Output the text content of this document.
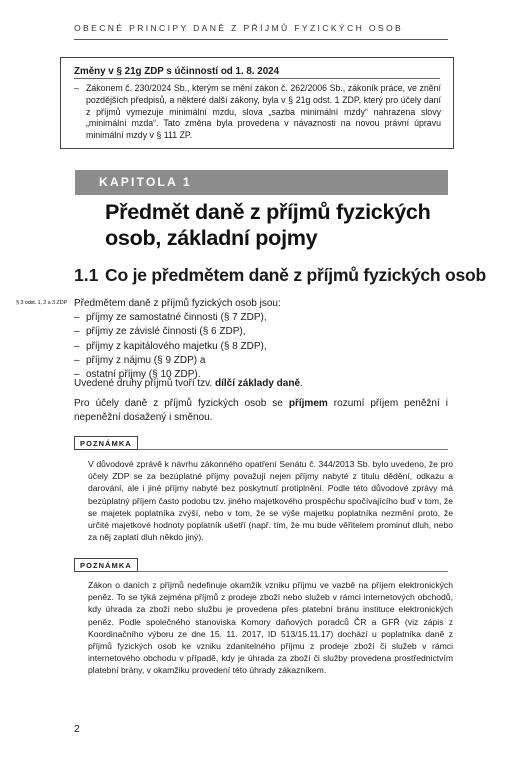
OBECNÉ PRINCIPY DANĚ Z PŘÍJMŮ FYZICKÝCH OSOB
Změny v § 21g ZDP s účinností od 1. 8. 2024
– Zákonem č. 230/2024 Sb., kterým se mění zákon č. 262/2006 Sb., zákoník práce, ve znění pozdějších předpisů, a některé další zákony, byla v § 21g odst. 1 ZDP, který pro účely daní z příjmů vymezuje minimální mzdu, slova „sazba minimální mzdy“ nahrazena slovy „minimální mzda“. Tato změna byla provedena v návaznosti na novou právní úpravu minimální mzdy v § 111 ZP.
KAPITOLA 1
Předmět daně z příjmů fyzických osob, základní pojmy
1.1 Co je předmětem daně z příjmů fyzických osob
§ 3 odst. 1, 2 a 3 ZDP Předmětem daně z příjmů fyzických osob jsou:
– příjmy ze samostatné činnosti (§ 7 ZDP),
– příjmy ze závislé činnosti (§ 6 ZDP),
– příjmy z kapitálového majetku (§ 8 ZDP),
– příjmy z nájmu (§ 9 ZDP) a
– ostatní příjmy (§ 10 ZDP).
Uvedené druhy příjmů tvoří tzv. dílčí základy daně.
Pro účely daně z příjmů fyzických osob se příjmem rozumí příjem peněžní i nepeněžní dosažený i směnou.
POZNÁMKA
V důvodové zprávě k návrhu zákonného opatření Senátu č. 344/2013 Sb. bylo uvedeno, že pro účely ZDP se za bezúplatné příjmy považují nejen příjmy nabyté z titulu dědění, odkazu a darování, ale i jiné příjmy nabyté bez poskytnutí protiplnění. Podle této důvodové zprávy má bezúplatný příjem často podobu tzv. jiného majetkového prospěchu spočívajícího buď v tom, že se majetek poplatníka zvýší, nebo v tom, že se výše majetku poplatníka nezmění proto, že určité majetkové hodnoty poplatník ušetří (např. tím, že mu bude věřitelem prominut dluh, nebo za něj zaplatí dluh někdo jiný).
POZNÁMKA
Zákon o daních z příjmů nedefinuje okamžik vzniku příjmu ve vazbě na příjem elektronických peněz. To se týká zejména příjmů z prodeje zboží nebo služeb v rámci internetových obchodů, kdy úhrada za zboží nebo službu je provedena přes platební bránu instituce elektronických peněz. Podle společného stanoviska Komory daňových poradců ČR a GFŘ (viz zápis z Koordinačního výboru ze dne 15. 11. 2017, ID 513/15.11.17) dochází u poplatníka daně z příjmů fyzických osob ke vzniku zdanitelného příjmu z prodeje zboží či služeb v rámci internetového obchodu v případě, kdy je úhrada za zboží či služby provedena prostřednictvím platební brány, v okamžiku provedení této úhrady zákazníkem.
2
